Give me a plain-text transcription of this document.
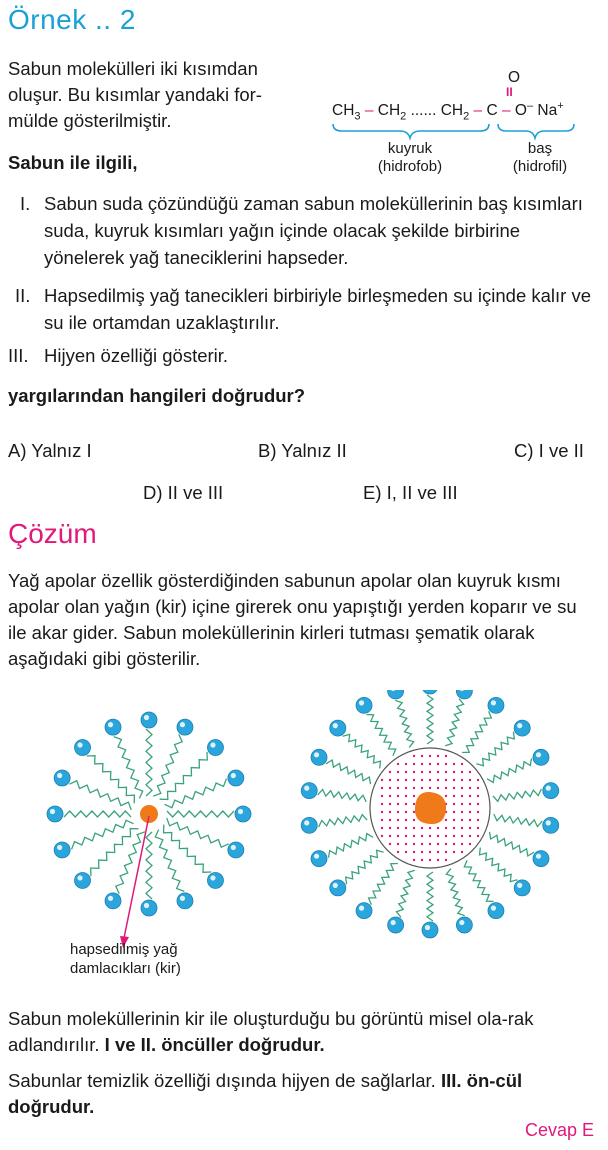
Örnek .. 2
Sabun molekülleri iki kısımdan
oluşur. Bu kısımlar yandaki for-
mülde gösterilmiştir.
O
II
$CH_3 - CH_2$ ...... $CH_2$ – C – O– Na+
kuyruk
(hidrofob)
baş
(hidrofil)
Sabun ile ilgili,
I. Sabun suda çözündüğü zaman sabun moleküllerinin baş kısımları suda, kuyruk kısımları yağın içinde olacak şekilde birbirine yönelerek yağ taneciklerini hapseder.
II. Hapsedilmiş yağ tanecikleri birbiriyle birleşmeden su içinde kalır ve su ile ortamdan uzaklaştırılır.
III. Hijyen özelliği gösterir.
yargılarından hangileri doğrudur?
A) Yalnız I	B) Yalnız II	C) I ve II
D) II ve III	E) I, II ve III
Çözüm
Yağ apolar özellik gösterdiğinden sabunun apolar olan kuyruk kısmı apolar olan yağın (kir) içine girerek onu yapıştığı yerden koparır ve su ile akar gider. Sabun moleküllerinin kirleri tutması şematik olarak aşağıdaki gibi gösterilir.
hapsedilmiş yağ
damlacıkları (kir)
Sabun moleküllerinin kir ile oluşturduğu bu görüntü misel ola-rak adlandırılır. I ve II. öncüller doğrudur.
Sabunlar temizlik özelliği dışında hijyen de sağlarlar. III. ön-cül doğrudur.
Cevap E
